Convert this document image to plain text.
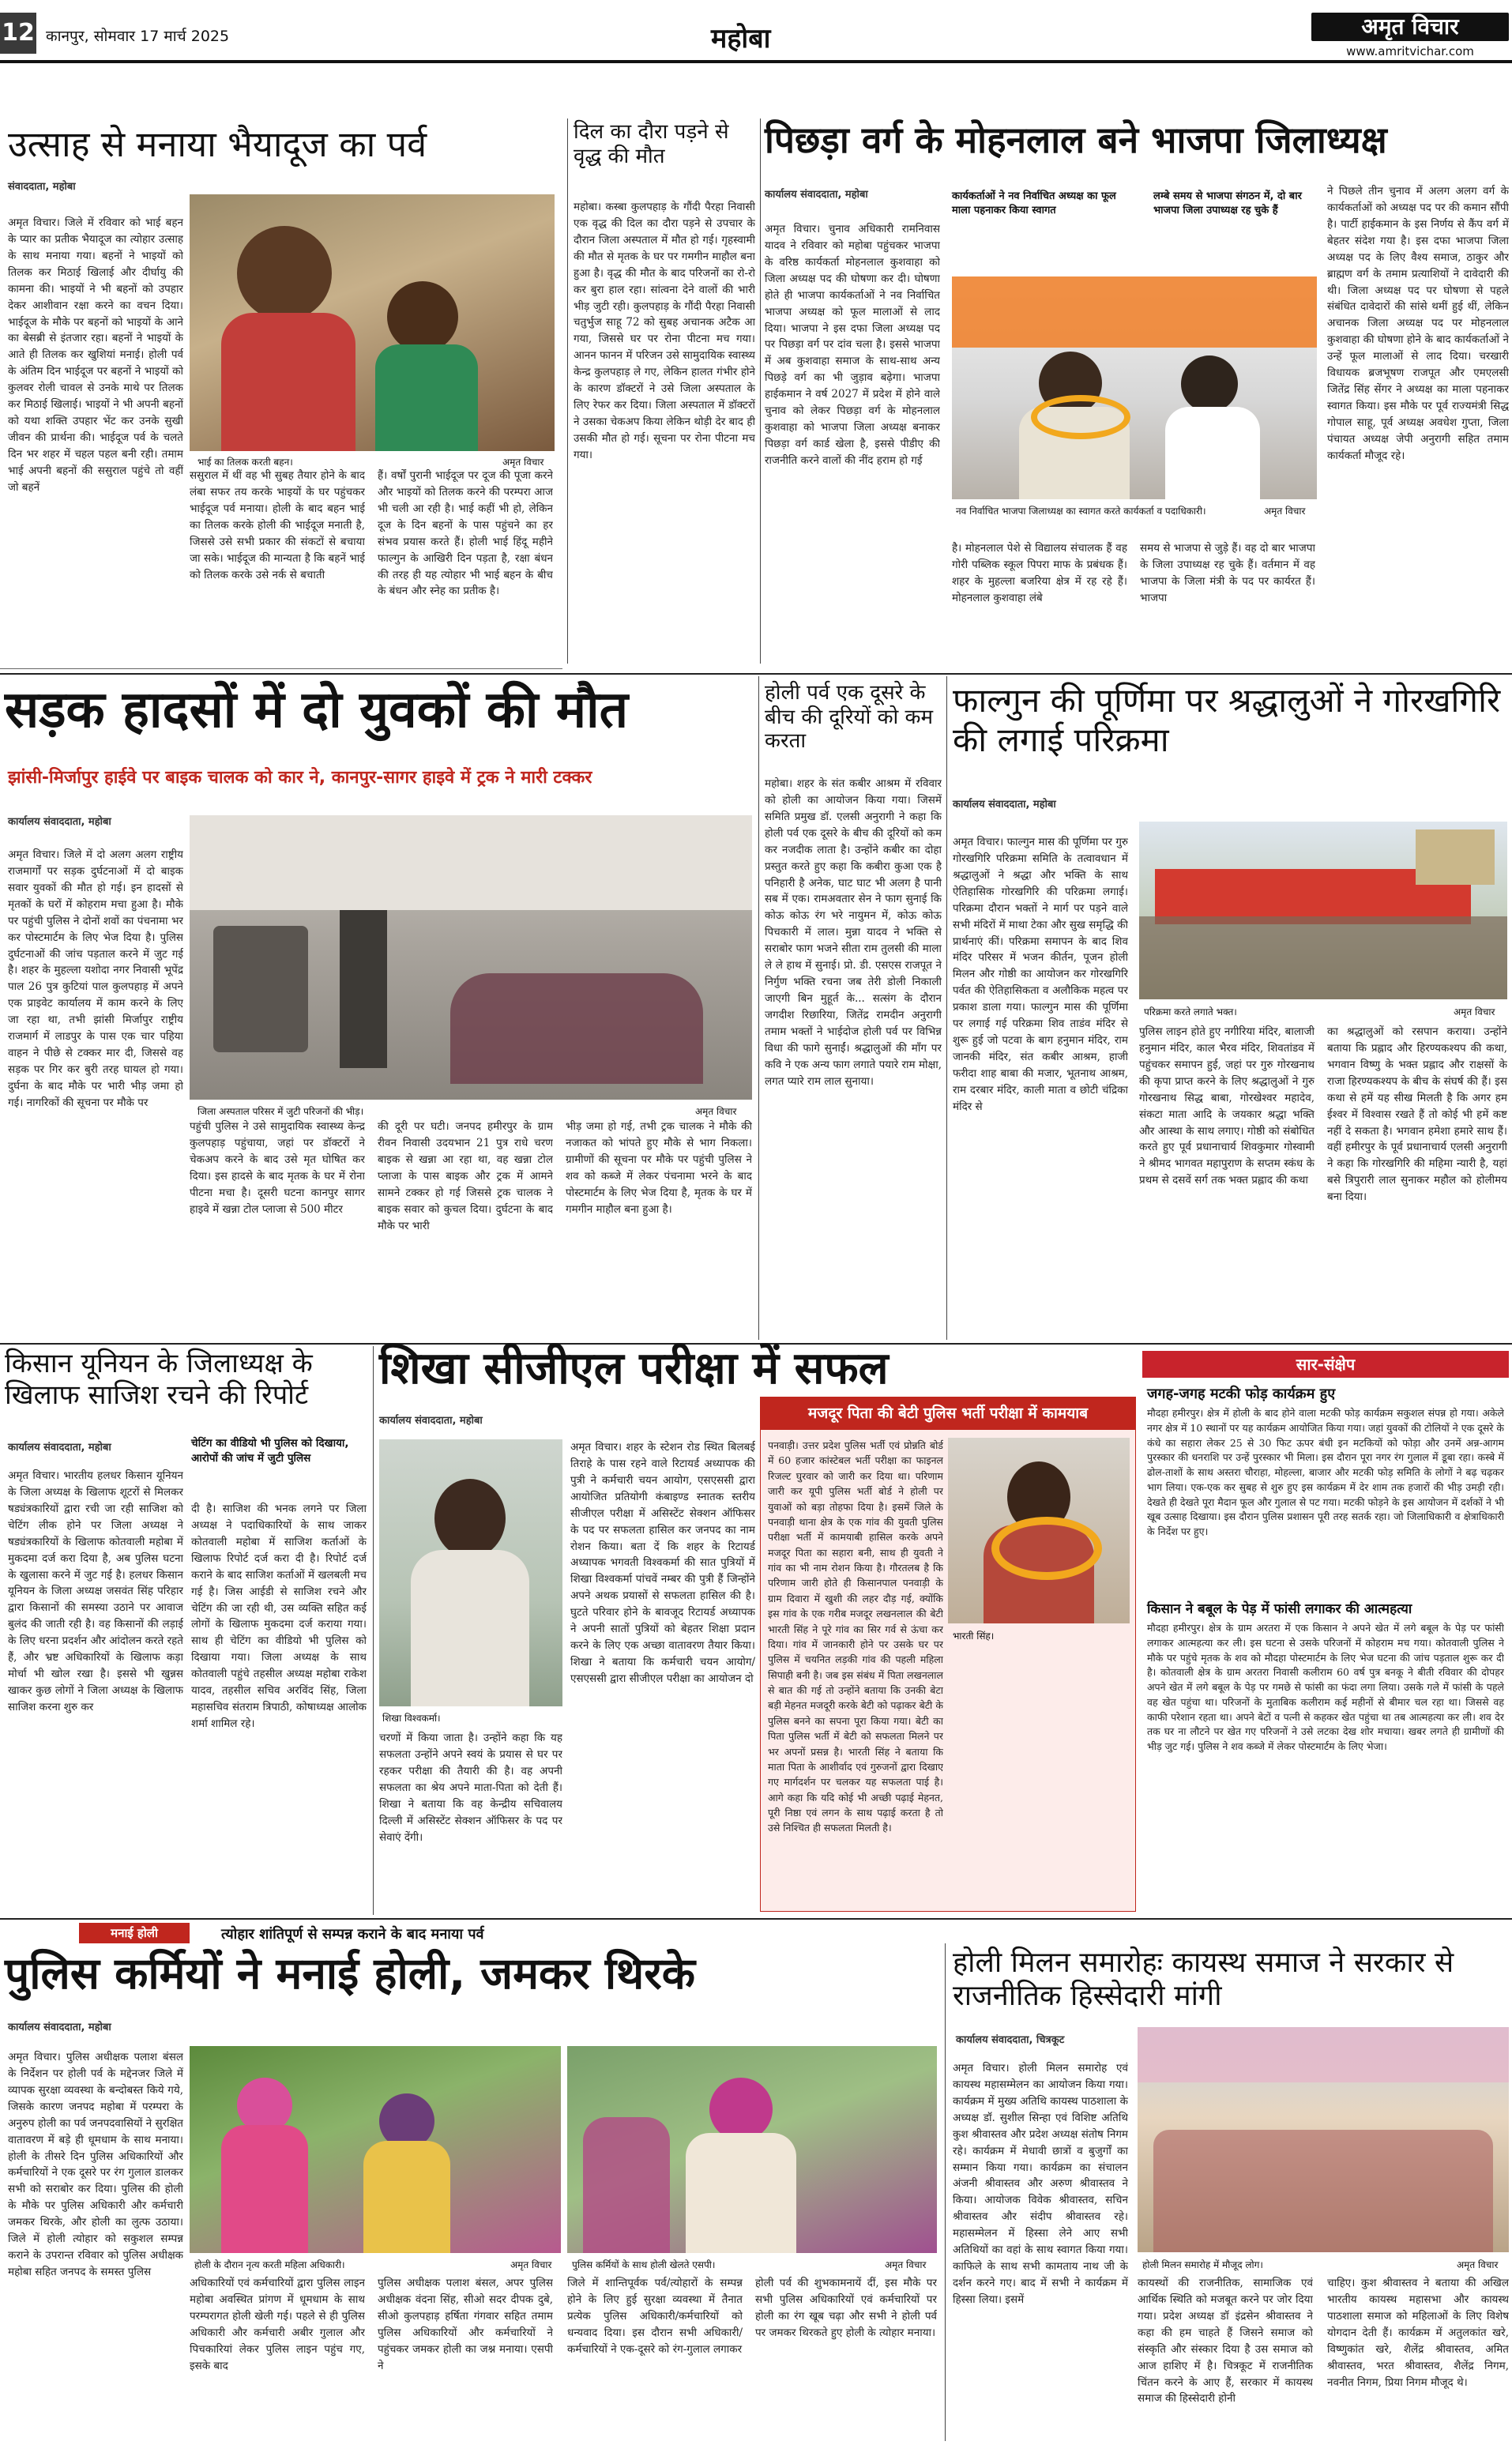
12 कानपुर, सोमवार 17 मार्च 2025	महोबा	अमृत विचार
www.amritvichar.com
उत्साह से मनाया भैयादूज का पर्व
संवाददाता, महोबा
अमृत विचार। जिले में रविवार को भाई बहन के प्यार का प्रतीक भैयादूज का त्योहार उत्साह के साथ मनाया गया। बहनों ने भाइयों को तिलक कर मिठाई खिलाई और दीर्घायु की कामना की। भाइयों ने भी बहनों को उपहार देकर आशीवान रक्षा करने का वचन दिया। भाईदूज के मौके पर बहनों को भाइयों के आने का बेसब्री से इंतजार रहा। बहनों ने भाइयों के आते ही तिलक कर खुशियां मनाई। होली पर्व के अंतिम दिन भाईदूज पर बहनों ने भाइयों को कुलवर रोली चावल से उनके माथे पर तिलक कर मिठाई खिलाई। भाइयों ने भी अपनी बहनों को यथा शक्ति उपहार भेंट कर उनके सुखी जीवन की प्रार्थना की। भाईदूज पर्व के चलते दिन भर शहर में चहल पहल बनी रही। तमाम भाई अपनी बहनों की ससुराल पहुंचे तो वहीं जो बहनें
भाई का तिलक करती बहन।	अमृत विचार
ससुराल में थीं वह भी सुबह तैयार होने के बाद लंबा सफर तय करके भाइयों के घर पहुंचकर भाईदूज पर्व मनाया। होली के बाद बहन भाई का तिलक करके होली की भाईदूज मनाती है, जिससे उसे सभी प्रकार की संकटों से बचाया जा सके। भाईदूज की मान्यता है कि बहनें भाई को तिलक करके उसे नर्क से बचाती
हैं। वर्षों पुरानी भाईदूज पर दूज की पूजा करने और भाइयों को तिलक करने की परम्परा आज भी चली आ रही है। भाई कहीं भी हो, लेकिन दूज के दिन बहनों के पास पहुंचने का हर संभव प्रयास करते हैं। होली भाई हिंदू महीने फाल्गुन के आखिरी दिन पड़ता है, रक्षा बंधन की तरह ही यह त्योहार भी भाई बहन के बीच के बंधन और स्नेह का प्रतीक है।
दिल का दौरा पड़ने से वृद्ध की मौत
महोबा। कस्बा कुलपहाड़ के गौंदी पैरहा निवासी एक वृद्ध की दिल का दौरा पड़ने से उपचार के दौरान जिला अस्पताल में मौत हो गई। गृहस्वामी की मौत से मृतक के घर पर गमगीन माहौल बना हुआ है। वृद्ध की मौत के बाद परिजनों का रो-रो कर बुरा हाल रहा। सांत्वना देने वालों की भारी भीड़ जुटी रही। कुलपहाड़ के गौंदी पैरहा निवासी चतुर्भुज साहू 72 को सुबह अचानक अटैक आ गया, जिससे घर पर रोना पीटना मच गया। आनन फानन में परिजन उसे सामुदायिक स्वास्थ्य केन्द्र कुलपहाड़ ले गए, लेकिन हालत गंभीर होने के कारण डॉक्टरों ने उसे जिला अस्पताल के लिए रेफर कर दिया। जिला अस्पताल में डॉक्टरों ने उसका चेकअप किया लेकिन थोड़ी देर बाद ही उसकी मौत हो गई। सूचना पर रोना पीटना मच गया।
पिछड़ा वर्ग के मोहनलाल बने भाजपा जिलाध्यक्ष
कार्यालय संवाददाता, महोबा
अमृत विचार। चुनाव अधिकारी रामनिवास यादव ने रविवार को महोबा पहुंचकर भाजपा के वरिष्ठ कार्यकर्ता मोहनलाल कुशवाहा को जिला अध्यक्ष पद की घोषणा कर दी। घोषणा होते ही भाजपा कार्यकर्ताओं ने नव निर्वाचित भाजपा अध्यक्ष को फूल मालाओं से लाद दिया। भाजपा ने इस दफा जिला अध्यक्ष पद पर पिछड़ा वर्ग पर दांव चला है। इससे भाजपा में अब कुशवाहा समाज के साथ-साथ अन्य पिछड़े वर्ग का भी जुड़ाव बढ़ेगा। भाजपा हाईकमान ने वर्ष 2027 में प्रदेश में होने वाले चुनाव को लेकर पिछड़ा वर्ग के मोहनलाल कुशवाहा को भाजपा जिला अध्यक्ष बनाकर पिछड़ा वर्ग कार्ड खेला है, इससे पीडीए की राजनीति करने वालों की नींद हराम हो गई
कार्यकर्ताओं ने नव निर्वाचित अध्यक्ष का फूल माला पहनाकर किया स्वागत
लम्बे समय से भाजपा संगठन में, दो बार भाजपा जिला उपाध्यक्ष रह चुके हैं
नव निर्वाचित भाजपा जिलाध्यक्ष का स्वागत करते कार्यकर्ता व पदाधिकारी।	अमृत विचार
है। मोहनलाल पेशे से विद्यालय संचालक हैं वह गोरी पब्लिक स्कूल पिपरा माफ के प्रबंधक हैं। शहर के मुहल्ला बजरिया क्षेत्र में रह रहे हैं। मोहनलाल कुशवाहा लंबे
समय से भाजपा से जुड़े हैं। वह दो बार भाजपा के जिला उपाध्यक्ष रह चुके हैं। वर्तमान में वह भाजपा के जिला मंत्री के पद पर कार्यरत हैं। भाजपा
ने पिछले तीन चुनाव में अलग अलग वर्ग के कार्यकर्ताओं को अध्यक्ष पद पर की कमान सौंपी है। पार्टी हाईकमान के इस निर्णय से कैंप वर्ग में बेहतर संदेश गया है। इस दफा भाजपा जिला अध्यक्ष पद के लिए वैश्य समाज, ठाकुर और ब्राह्मण वर्ग के तमाम प्रत्याशियों ने दावेदारी की थी। जिला अध्यक्ष पद पर घोषणा से पहले संबंधित दावेदारों की सांसे थमीं हुई थीं, लेकिन अचानक जिला अध्यक्ष पद पर मोहनलाल कुशवाहा की घोषणा होने के बाद कार्यकर्ताओं ने उन्हें फूल मालाओं से लाद दिया। चरखारी विधायक ब्रजभूषण राजपूत और एमएलसी जितेंद्र सिंह सेंगर ने अध्यक्ष का माला पहनाकर स्वागत किया। इस मौके पर पूर्व राज्यमंत्री सिद्ध गोपाल साहू, पूर्व अध्यक्ष अवधेश गुप्ता, जिला पंचायत अध्यक्ष जेपी अनुरागी सहित तमाम कार्यकर्ता मौजूद रहे।
सड़क हादसों में दो युवकों की मौत
झांसी-मिर्जापुर हाईवे पर बाइक चालक को कार ने, कानपुर-सागर हाइवे में ट्रक ने मारी टक्कर
कार्यालय संवाददाता, महोबा
अमृत विचार। जिले में दो अलग अलग राष्ट्रीय राजमार्गों पर सड़क दुर्घटनाओं में दो बाइक सवार युवकों की मौत हो गई। इन हादसों से मृतकों के घरों में कोहराम मचा हुआ है। मौके पर पहुंची पुलिस ने दोनों शवों का पंचनामा भर कर पोस्टमार्टम के लिए भेज दिया है। पुलिस दुर्घटनाओं की जांच पड़ताल करने में जुट गई है। शहर के मुहल्ला यशोदा नगर निवासी भूपेंद्र पाल 26 पुत्र कुटियां पाल कुलपहाड़ में अपने एक प्राइवेट कार्यालय में काम करने के लिए जा रहा था, तभी झांसी मिर्जापुर राष्ट्रीय राजमार्ग में लाडपुर के पास एक चार पहिया वाहन ने पीछे से टक्कर मार दी, जिससे वह सड़क पर गिर कर बुरी तरह घायल हो गया। दुर्घना के बाद मौके पर भारी भीड़ जमा हो गई। नागरिकों की सूचना पर मौके पर
जिला अस्पताल परिसर में जुटी परिजनों की भीड़।	अमृत विचार
पहुंची पुलिस ने उसे सामुदायिक स्वास्थ्य केन्द्र कुलपहाड़ पहुंचाया, जहां पर डॉक्टरों ने चेकअप करने के बाद उसे मृत घोषित कर दिया। इस हादसे के बाद मृतक के घर में रोना पीटना मचा है। दूसरी घटना कानपुर सागर हाइवे में खन्ना टोल प्लाजा से 500 मीटर
की दूरी पर घटी। जनपद हमीरपुर के ग्राम रीवन निवासी उदयभान 21 पुत्र राधे चरण बाइक से खन्ना आ रहा था, वह खन्ना टोल प्लाजा के पास बाइक और ट्रक में आमने सामने टक्कर हो गई जिससे ट्रक चालक ने बाइक सवार को कुचल दिया। दुर्घटना के बाद मौके पर भारी
भीड़ जमा हो गई, तभी ट्रक चालक ने मौके की नजाकत को भांपते हुए मौके से भाग निकला। ग्रामीणों की सूचना पर मौके पर पहुंची पुलिस ने शव को कब्जे में लेकर पंचनामा भरने के बाद पोस्टमार्टम के लिए भेज दिया है, मृतक के घर में गमगीन माहौल बना हुआ है।
होली पर्व एक दूसरे के बीच की दूरियों को कम करता
महोबा। शहर के संत कबीर आश्रम में रविवार को होली का आयोजन किया गया। जिसमें समिति प्रमुख डॉ. एलसी अनुरागी ने कहा कि होली पर्व एक दूसरे के बीच की दूरियों को कम कर नजदीक लाता है। उन्होंने कबीर का दोहा प्रस्तुत करते हुए कहा कि कबीरा कुआ एक है पनिहारी है अनेक, घाट घाट भी अलग है पानी सब में एक। रामअवतार सेन ने फाग सुनाई कि कोऊ कोऊ रंग भरे नायुमन में, कोऊ कोऊ पिचकारी में लाल। मुन्ना यादव ने भक्ति से सराबोर फाग भजने सीता राम तुलसी की माला ले ले हाथ में सुनाई। प्रो. डी. एसएस राजपूत ने निर्गुण भक्ति रचना जब तेरी डोली निकाली जाएगी बिन मुहूर्त के... सत्संग के दौरान जगदीश रिछारिया, जितेंद्र रामदीन अनुरागी तमाम भक्तों ने भाईदोज होली पर्व पर विभिन्न विधा की फागे सुनाईं। श्रद्धालुओं की माँग पर कवि ने एक अन्य फाग लगाते पयारे राम मोक्षा, लगत प्यारे राम लाल सुनाया।
फाल्गुन की पूर्णिमा पर श्रद्धालुओं ने गोरखगिरि की लगाई परिक्रमा
कार्यालय संवाददाता, महोबा
अमृत विचार। फाल्गुन मास की पूर्णिमा पर गुरु गोरखगिरि परिक्रमा समिति के तत्वावधान में श्रद्धालुओं ने श्रद्धा और भक्ति के साथ ऐतिहासिक गोरखगिरि की परिक्रमा लगाई। परिक्रमा दौरान भक्तों ने मार्ग पर पड़ने वाले सभी मंदिरों में माथा टेका और सुख समृद्धि की प्रार्थनाएं कीं। परिक्रमा समापन के बाद शिव मंदिर परिसर में भजन कीर्तन, पूजन होली मिलन और गोष्ठी का आयोजन कर गोरखगिरि पर्वत की ऐतिहासिकता व अलौकिक महत्व पर प्रकाश डाला गया। फाल्गुन मास की पूर्णिमा पर लगाई गई परिक्रमा शिव ताडंव मंदिर से शुरू हुई जो पटवा के बाग हनुमान मंदिर, राम जानकी मंदिर, संत कबीर आश्रम, हाजी फरीदा शाह बाबा की मजार, भूतनाथ आश्रम, राम दरबार मंदिर, काली माता व छोटी चंद्रिका मंदिर से
परिक्रमा करते लगाते भक्त।	अमृत विचार
पुलिस लाइन होते हुए नगीरिया मंदिर, बालाजी हनुमान मंदिर, काल भैरव मंदिर, शिवतांडव में पहुंचकर समापन हुई, जहां पर गुरु गोरखनाथ की कृपा प्राप्त करने के लिए श्रद्धालुओं ने गुरु गोरखनाथ सिद्ध बाबा, गोरखेश्वर महादेव, संकटा माता आदि के जयकार श्रद्धा भक्ति और आस्था के साथ लगाए। गोष्ठी को संबोधित करते हुए पूर्व प्रधानाचार्य शिवकुमार गोस्वामी ने श्रीमद भागवत महापुराण के सप्तम स्कंध के प्रथम से दसवें सर्ग तक भक्त प्रह्लाद की कथा
का श्रद्धालुओं को रसपान कराया। उन्होंने बताया कि प्रह्लाद और हिरण्यकश्यप की कथा, भगवान विष्णु के भक्त प्रह्लाद और राक्षसों के राजा हिरण्यकश्यप के बीच के संघर्ष की हैं। इस कथा से हमें यह सीख मिलती है कि अगर हम ईश्वर में विश्वास रखते हैं तो कोई भी हमें कष्ट नहीं दे सकता है। भगवान हमेशा हमारे साथ हैं। वहीं हमीरपुर के पूर्व प्रधानाचार्य एलसी अनुरागी ने कहा कि गोरखगिरि की महिमा न्यारी है, यहां बसे त्रिपुरारी लाल सुनाकर महौल को होलीमय बना दिया।
किसान यूनियन के जिलाध्यक्ष के खिलाफ साजिश रचने की रिपोर्ट
कार्यालय संवाददाता, महोबा
अमृत विचार। भारतीय हलधर किसान यूनियन के जिला अध्यक्ष के खिलाफ शूटरों से मिलकर षड्यंत्रकारियों द्वारा रची जा रही साजिश को चेटिंग लीक होने पर जिला अध्यक्ष ने षड्यंत्रकारियों के खिलाफ कोतवाली महोबा में मुकदमा दर्ज करा दिया है, अब पुलिस घटना के खुलासा करने में जुट गई है। हलधर किसान यूनियन के जिला अध्यक्ष जसवंत सिंह परिहार द्वारा किसानों की समस्या उठाने पर आवाज बुलंद की जाती रही है। वह किसानों की लड़ाई के लिए धरना प्रदर्शन और आंदोलन करते रहते हैं, और भ्रष्ट अधिकारियों के खिलाफ कड़ा मोर्चा भी खोल रखा है। इससे भी खुन्नस खाकर कुछ लोगों ने जिला अध्यक्ष के खिलाफ साजिश करना शुरु कर
चेटिंग का वीडियो भी पुलिस को दिखाया, आरोपों की जांच में जुटी पुलिस
दी है। साजिश की भनक लगने पर जिला अध्यक्ष ने पदाधिकारियों के साथ जाकर कोतवाली महोबा में साजिश कर्ताओं के खिलाफ रिपोर्ट दर्ज करा दी है। रिपोर्ट दर्ज कराने के बाद साजिश कर्ताओं में खलबली मच गई है। जिस आईडी से साजिश रचने और चेटिंग की जा रही थी, उस व्यक्ति सहित कई लोगों के खिलाफ मुकदमा दर्ज कराया गया। साथ ही चेटिंग का वीडियो भी पुलिस को दिखाया गया। जिला अध्यक्ष के साथ कोतवाली पहुंचे तहसील अध्यक्ष महोबा राकेश यादव, तहसील सचिव अरविंद सिंह, जिला महासचिव संतराम त्रिपाठी, कोषाध्यक्ष आलोक शर्मा शामिल रहे।
शिखा सीजीएल परीक्षा में सफल
कार्यालय संवाददाता, महोबा
शिखा विश्वकर्मा।
चरणों में किया जाता है। उन्होंने कहा कि यह सफलता उन्होंने अपने स्वयं के प्रयास से घर पर रहकर परीक्षा की तैयारी की है। वह अपनी सफलता का श्रेय अपने माता-पिता को देती हैं। शिखा ने बताया कि वह केन्द्रीय सचिवालय दिल्ली में असिस्टेंट सेक्शन ऑफिसर के पद पर सेवाएं देंगी।
अमृत विचार। शहर के स्टेशन रोड स्थित बिलबई तिराहे के पास रहने वाले रिटायर्ड अध्यापक की पुत्री ने कर्मचारी चयन आयोग, एसएससी द्वारा आयोजित प्रतियोगी कंबाइण्ड स्नातक स्तरीय सीजीएल परीक्षा में असिस्टेंट सेक्शन ऑफिसर के पद पर सफलता हासिल कर जनपद का नाम रोशन किया। बता दें कि शहर के रिटायर्ड अध्यापक भगवती विश्वकर्मा की सात पुत्रियों में शिखा विश्वकर्मा पांचवें नम्बर की पुत्री हैं जिन्होंने अपने अथक प्रयासों से सफलता हासिल की है। घुटते परिवार होने के बावजूद रिटायर्ड अध्यापक ने अपनी सातों पुत्रियों को बेहतर शिक्षा प्रदान करने के लिए एक अच्छा वातावरण तैयार किया। शिखा ने बताया कि कर्मचारी चयन आयोग/एसएससी द्वारा सीजीएल परीक्षा का आयोजन दो
मजदूर पिता की बेटी पुलिस भर्ती परीक्षा में कामयाब
पनवाड़ी। उत्तर प्रदेश पुलिस भर्ती एवं प्रोन्नति बोर्ड में 60 हजार कांस्टेबल भर्ती परीक्षा का फाइनल रिजल्ट घुरवार को जारी कर दिया था। परिणाम जारी कर यूपी पुलिस भर्ती बोर्ड ने होली पर युवाओं को बड़ा तोहफा दिया है। इसमें जिले के पनवाड़ी थाना क्षेत्र के एक गांव की युवती पुलिस परीक्षा भर्ती में कामयाबी हासिल करके अपने मजदूर पिता का सहारा बनी, साथ ही युवती ने गांव का भी नाम रोशन किया है। गौरतलब है कि परिणाम जारी होते ही किसानपाल पनवाड़ी के ग्राम दिवारा में खुशी की लहर दौड़ गई, क्योंकि इस गांव के एक गरीब मजदूर लखनलाल की बेटी भारती सिंह ने पूरे गांव का सिर गर्व से ऊंचा कर दिया। गांव में जानकारी होने पर उसके घर पर पुलिस में चयनित लड़की गांव की पहली महिला सिपाही बनी है। जब इस संबंध में पिता लखनलाल से बात की गई तो उन्होंने बताया कि उनकी बेटा बड़ी मेहनत मजदूरी करके बेटी को पढ़ाकर बेटी के पुलिस बनने का सपना पूरा किया गया। बेटी का पिता पुलिस भर्ती में बेटी को सफलता मिलने पर भर अपनों प्रसन्न है। भारती सिंह ने बताया कि माता पिता के आशीर्वाद एवं गुरुजनों द्वारा दिखाए गए मार्गदर्शन पर चलकर यह सफलता पाई है। आगे कहा कि यदि कोई भी अच्छी पढ़ाई मेहनत, पूरी निष्ठा एवं लगन के साथ पढ़ाई करता है तो उसे निश्चित ही सफलता मिलती है।
भारती सिंह।
सार-संक्षेप
जगह-जगह मटकी फोड़ कार्यक्रम हुए
मौदहा हमीरपुर। क्षेत्र में होली के बाद होने वाला मटकी फोड़ कार्यक्रम सकुशल संपन्न हो गया। अकेले नगर क्षेत्र में 10 स्थानों पर यह कार्यक्रम आयोजित किया गया। जहां युवकों की टोलियों ने एक दूसरे के कंधे का सहारा लेकर 25 से 30 फिट ऊपर बंधी इन मटकियों को फोड़ा और उनमें अन्न-आगम पुरस्कार की धनराशि पर उन्हें पुरस्कार भी मिला। इस दौरान पूरा नगर रंग गुलाल में डूबा रहा। कस्बे में ढोल-ताशों के साथ अस्तरा चौराहा, मोहल्ला, बाजार और मटकी फोड़ समिति के लोगों ने बढ़ चढ़कर भाग लिया। एक-एक कर सुबह से शुरु हुए इस कार्यक्रम में देर शाम तक हजारों की भीड़ उमड़ी रही। देखते ही देखते पूरा मैदान फूल और गुलाल से पट गया। मटकी फोड़ने के इस आयोजन में दर्शकों ने भी खूब उत्साह दिखाया। इस दौरान पुलिस प्रशासन पूरी तरह सतर्क रहा। जो जिलाधिकारी व क्षेत्राधिकारी के निर्देश पर हुए।
किसान ने बबूल के पेड़ में फांसी लगाकर की आत्महत्या
मौदहा हमीरपुर। क्षेत्र के ग्राम अरतरा में एक किसान ने अपने खेत में लगे बबूल के पेड़ पर फांसी लगाकर आत्महत्या कर ली। इस घटना से उसके परिजनों में कोहराम मच गया। कोतवाली पुलिस ने मौके पर पहुंचे मृतक के शव को मौदहा पोस्टमार्टम के लिए भेज घटना की जांच पड़ताल शुरू कर दी है। कोतवाली क्षेत्र के ग्राम अरतरा निवासी कलीराम 60 वर्ष पुत्र बनकू ने बीती रविवार की दोपहर अपने खेत में लगे बबूल के पेड़ पर गमछे से फांसी का फंदा लगा लिया। उसके गले में फांसी के पहले वह खेत पहुंचा था। परिजनों के मुताबिक कलीराम कई महीनों से बीमार चल रहा था। जिससे वह काफी परेशान रहता था। अपने बेटों व पत्नी से कहकर खेत पहुंचा था तब आत्महत्या कर ली। शव देर तक घर ना लौटने पर खेत गए परिजनों ने उसे लटका देख शोर मचाया। खबर लगते ही ग्रामीणों की भीड़ जुट गई। पुलिस ने शव कब्जे में लेकर पोस्टमार्टम के लिए भेजा।
मनाई होली	त्योहार शांतिपूर्ण से सम्पन्न कराने के बाद मनाया पर्व
पुलिस कर्मियों ने मनाई होली, जमकर थिरके
कार्यालय संवाददाता, महोबा
अमृत विचार। पुलिस अधीक्षक पलाश बंसल के निर्देशन पर होली पर्व के मद्देनजर जिले में व्यापक सुरक्षा व्यवस्था के बन्दोबस्त किये गये, जिसके कारण जनपद महोबा में परम्परा के अनुरुप होली का पर्व जनपदवासियों ने सुरक्षित वातावरण में बड़े ही धूमधाम के साथ मनाया। होली के तीसरे दिन पुलिस अधिकारियों और कर्मचारियों ने एक दूसरे पर रंग गुलाल डालकर सभी को सराबोर कर दिया। पुलिस की होली के मौके पर पुलिस अधिकारी और कर्मचारी जमकर थिरके, और होली का लुत्फ उठाया। जिले में होली त्योहार को सकुशल सम्पन्न कराने के उपरान्त रविवार को पुलिस अधीक्षक महोबा सहित जनपद के समस्त पुलिस
होली के दौरान नृत्य करती महिला अधिकारी।	अमृत विचार पुलिस कर्मियों के साथ होली खेलते एसपी।	अमृत विचार
अधिकारियों एवं कर्मचारियों द्वारा पुलिस लाइन महोबा अवस्थित प्रांगण में धूमधाम के साथ परम्परागत होली खेली गई। पहले से ही पुलिस अधिकारी और कर्मचारी अबीर गुलाल और पिचकारियां लेकर पुलिस लाइन पहुंच गए, इसके बाद
पुलिस अधीक्षक पलाश बंसल, अपर पुलिस अधीक्षक वंदना सिंह, सीओ सदर दीपक दुबे, सीओ कुलपहाड़ हर्षिता गंगवार सहित तमाम पुलिस अधिकारियों और कर्मचारियों ने पहुंचकर जमकर होली का जश्न मनाया। एसपी ने
जिले में शान्तिपूर्वक पर्व/त्योहारों के सम्पन्न होने के लिए हुई सुरक्षा व्यवस्था में तैनात प्रत्येक पुलिस अधिकारी/कर्मचारियों को धन्यवाद दिया। इस दौरान सभी अधिकारी/कर्मचारियों ने एक-दूसरे को रंग-गुलाल लगाकर
होली पर्व की शुभकामनायें दीं, इस मौके पर सभी पुलिस अधिकारियों एवं कर्मचारियों पर होली का रंग खूब चढ़ा और सभी ने होली पर्व पर जमकर थिरकते हुए होली के त्योहार मनाया।
होली मिलन समारोहः कायस्थ समाज ने सरकार से राजनीतिक हिस्सेदारी मांगी
कार्यालय संवाददाता, चित्रकूट
अमृत विचार। होली मिलन समारोह एवं कायस्थ महासम्मेलन का आयोजन किया गया। कार्यक्रम में मुख्य अतिथि कायस्थ पाठशाला के अध्यक्ष डॉ. सुशील सिन्हा एवं विशिष्ट अतिथि कुश श्रीवास्तव और प्रदेश अध्यक्ष संतोष निगम रहे। कार्यक्रम में मेधावी छात्रों व बुजुर्गों का सम्मान किया गया। कार्यक्रम का संचालन अंजनी श्रीवास्तव और अरुण श्रीवास्तव ने किया। आयोजक विवेक श्रीवास्तव, सचिन श्रीवास्तव और संदीप श्रीवास्तव रहे। महासम्मेलन में हिस्सा लेने आए सभी अतिथियों का वहां के साथ स्वागत किया गया। काफिले के साथ सभी कामताय नाथ जी के दर्शन करने गए। बाद में सभी ने कार्यक्रम में हिस्सा लिया। इसमें
होली मिलन समारोह में मौजूद लोग।	अमृत विचार
कायस्थों की राजनीतिक, सामाजिक एवं आर्थिक स्थिति को मजबूत करने पर जोर दिया गया। प्रदेश अध्यक्ष डॉ इंद्रसेन श्रीवास्तव ने कहा की हम चाहते हैं जिसने समाज को संस्कृति और संस्कार दिया है उस समाज को आज हाशिए में है। चित्रकूट में राजनीतिक चिंतन करने के आए हैं, सरकार में कायस्थ समाज की हिस्सेदारी होनी
चाहिए। कुश श्रीवास्तव ने बताया की अखिल भारतीय कायस्थ महासभा और कायस्थ पाठशाला समाज को महिलाओं के लिए विशेष योगदान देती हैं। कार्यक्रम में अतुलकांत खरे, विष्णुकांत खरे, शैलेंद्र श्रीवास्तव, अमित श्रीवास्तव, भरत श्रीवास्तव, शैलेंद्र निगम, नवनीत निगम, प्रिया निगम मौजूद थे।
